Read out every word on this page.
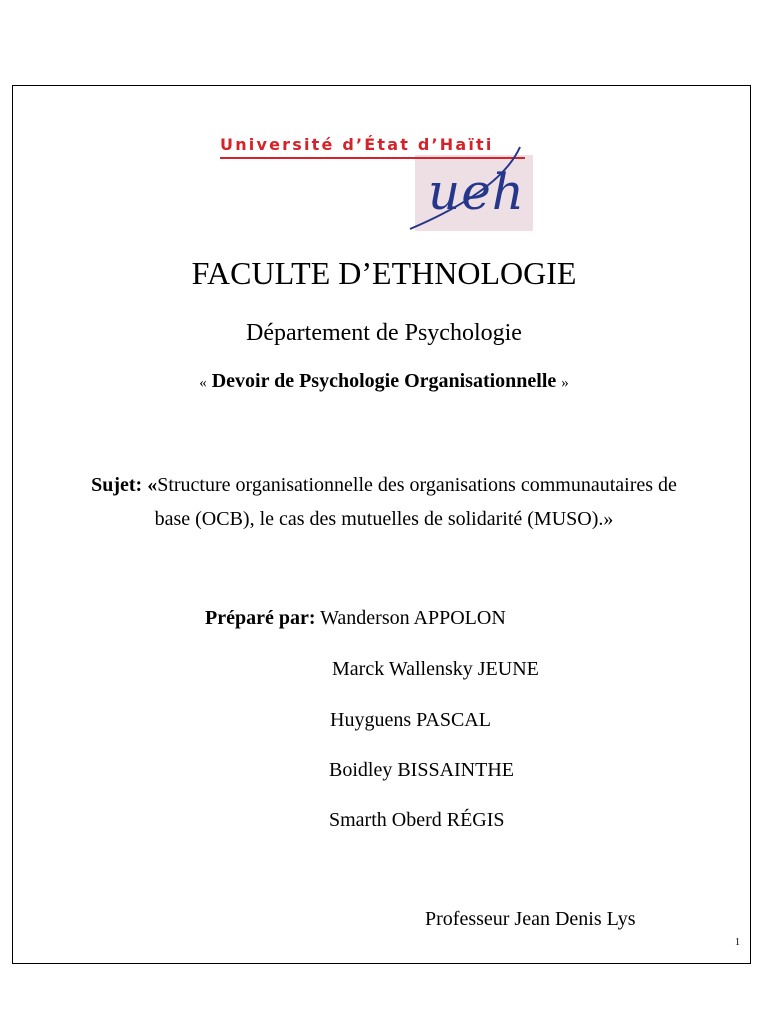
Université d’État d’Haïti
ueh
FACULTE D’ETHNOLOGIE
Département de Psychologie
« Devoir de Psychologie Organisationnelle »
Sujet: «Structure organisationnelle des organisations communautaires de
base (OCB), le cas des mutuelles de solidarité (MUSO).»
Préparé par: Wanderson APPOLON
Marck Wallensky JEUNE
Huyguens PASCAL
Boidley BISSAINTHE
Smarth Oberd RÉGIS
Professeur Jean Denis Lys
1
